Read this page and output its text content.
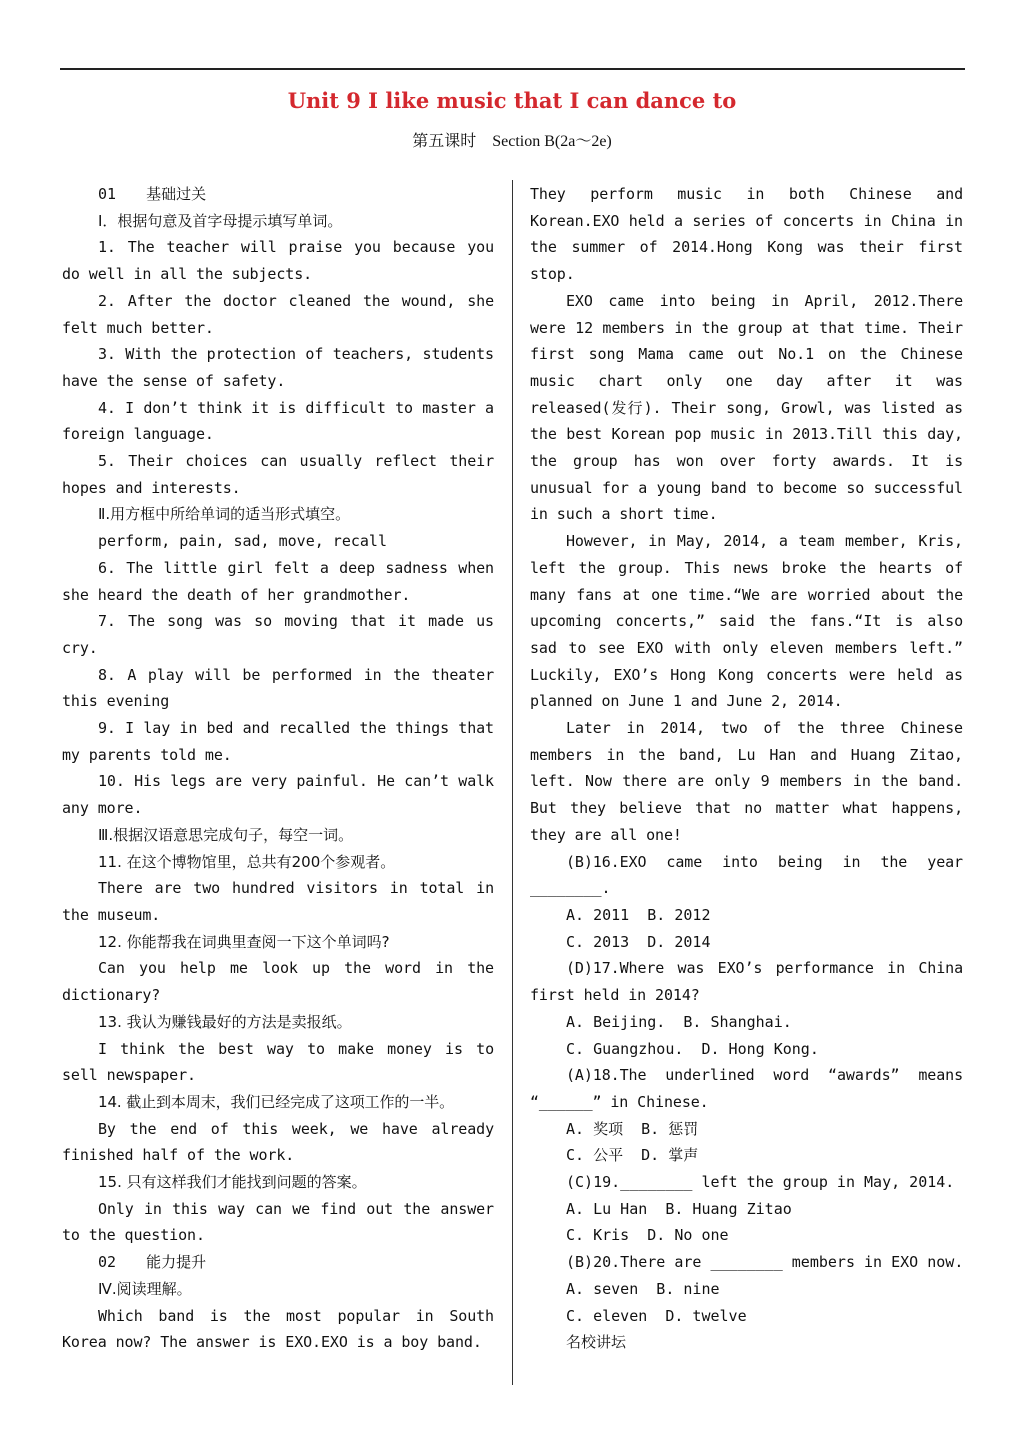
Unit 9 I like music that I can dance to
第五课时　Section B(2a～2e)
01 基础过关
Ⅰ．根据句意及首字母提示填写单词。

1. The teacher will praise you because you do well in all the subjects.

2. After the doctor cleaned the wound, she felt much better.

3. With the protection of teachers, students have the sense of safety.

4. I don’t think it is difficult to master a foreign language.

5. Their choices can usually reflect their hopes and interests.

Ⅱ.用方框中所给单词的适当形式填空。
perform, pain, sad, move, recall

6. The little girl felt a deep sadness when she heard the death of her grandmother.

7. The song was so moving that it made us cry.

8. A play will be performed in the theater this evening

9. I lay in bed and recalled the things that my parents told me.

10. His legs are very painful. He can’t walk any more.

Ⅲ.根据汉语意思完成句子，每空一词。
11. 在这个博物馆里，总共有200个参观者。

There are two hundred visitors in total in the museum.

12. 你能帮我在词典里查阅一下这个单词吗?

Can you help me look up the word in the dictionary?

13. 我认为赚钱最好的方法是卖报纸。

I think the best way to make money is to sell newspaper.

14. 截止到本周末，我们已经完成了这项工作的一半。

By the end of this week, we have already finished half of the work.

15. 只有这样我们才能找到问题的答案。

Only in this way can we find out the answer to the question.

02 能力提升
Ⅳ.阅读理解。

Which band is the most popular in South Korea now? The answer is EXO.EXO is a boy band.

They perform music in both Chinese and Korean.EXO held a series of concerts in China in the summer of 2014.Hong Kong was their first stop.

EXO came into being in April, 2012.There were 12 members in the group at that time. Their first song Mama came out No.1 on the Chinese music chart only one day after it was released(发行). Their song, Growl, was listed as the best Korean pop music in 2013.Till this day, the group has won over forty awards. It is unusual for a young band to become so successful in such a short time.

However, in May, 2014, a team member, Kris, left the group. This news broke the hearts of many fans at one time.“We are worried about the upcoming concerts,” said the fans.“It is also sad to see EXO with only eleven members left.” Luckily, EXO’s Hong Kong concerts were held as planned on June 1 and June 2, 2014.

Later in 2014, two of the three Chinese members in the band, Lu Han and Huang Zitao, left. Now there are only 9 members in the band. But they believe that no matter what happens, they are all one!

(B)16.EXO came into being in the year ________.

A. 2011  B. 2012
C. 2013  D. 2014

(D)17.Where was EXO’s performance in China first held in 2014?

A. Beijing.  B. Shanghai.
C. Guangzhou.  D. Hong Kong.

(A)18.The underlined word “awards” means “______” in Chinese.

A. 奖项  B. 惩罚
C. 公平  D. 掌声
(C)19.________ left the group in May, 2014.
A. Lu Han  B. Huang Zitao
C. Kris  D. No one
(B)20.There are ________ members in EXO now.
A. seven  B. nine
C. eleven  D. twelve
名校讲坛
